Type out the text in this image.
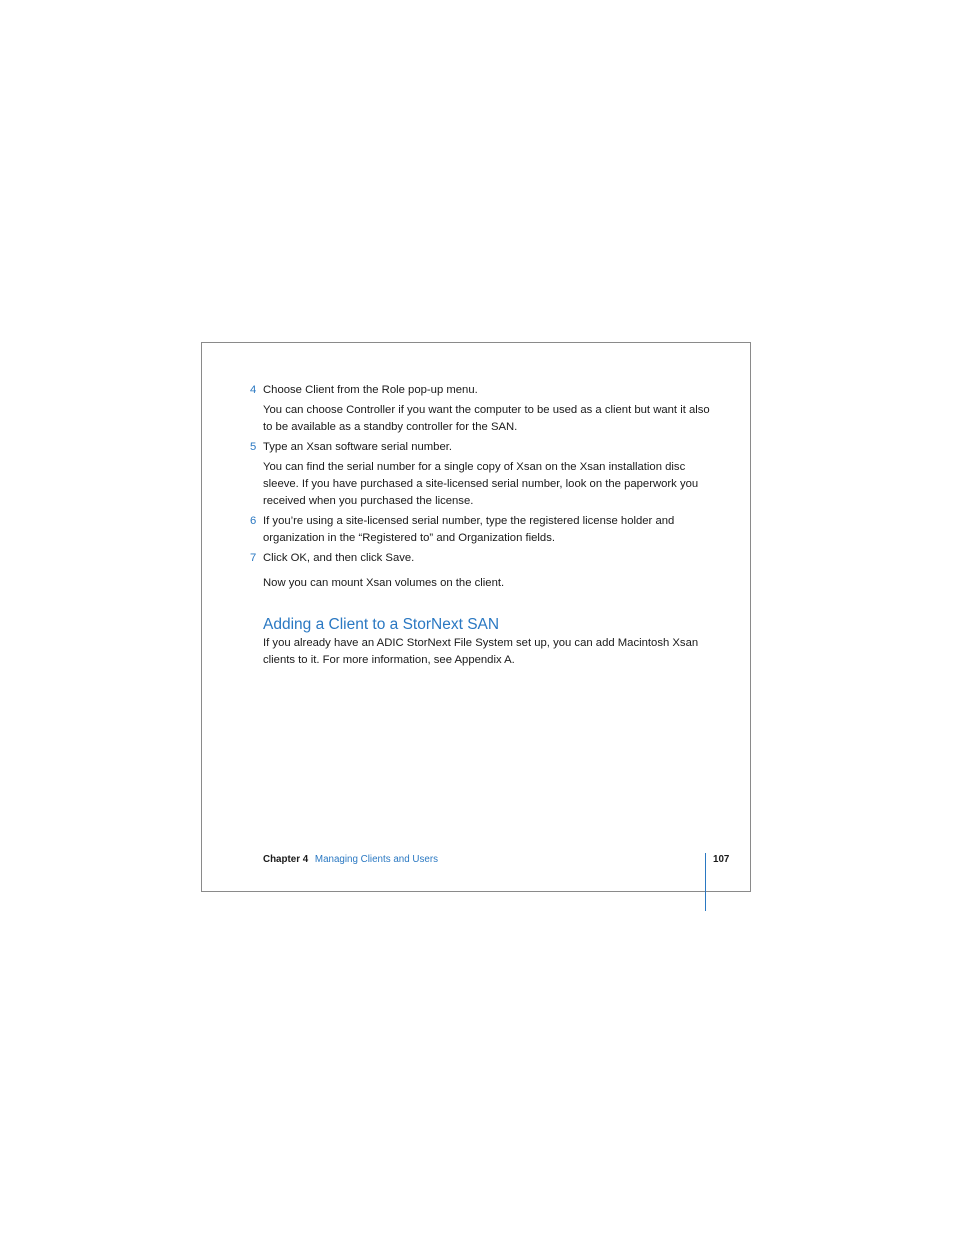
4 Choose Client from the Role pop-up menu.

You can choose Controller if you want the computer to be used as a client but want it also to be available as a standby controller for the SAN.

5 Type an Xsan software serial number.

You can find the serial number for a single copy of Xsan on the Xsan installation disc sleeve. If you have purchased a site-licensed serial number, look on the paperwork you received when you purchased the license.

6 If you’re using a site-licensed serial number, type the registered license holder and organization in the “Registered to” and Organization fields.
7 Click OK, and then click Save.

Now you can mount Xsan volumes on the client.

Adding a Client to a StorNext SAN

If you already have an ADIC StorNext File System set up, you can add Macintosh Xsan clients to it. For more information, see Appendix A.

Chapter 4 Managing Clients and Users	107
